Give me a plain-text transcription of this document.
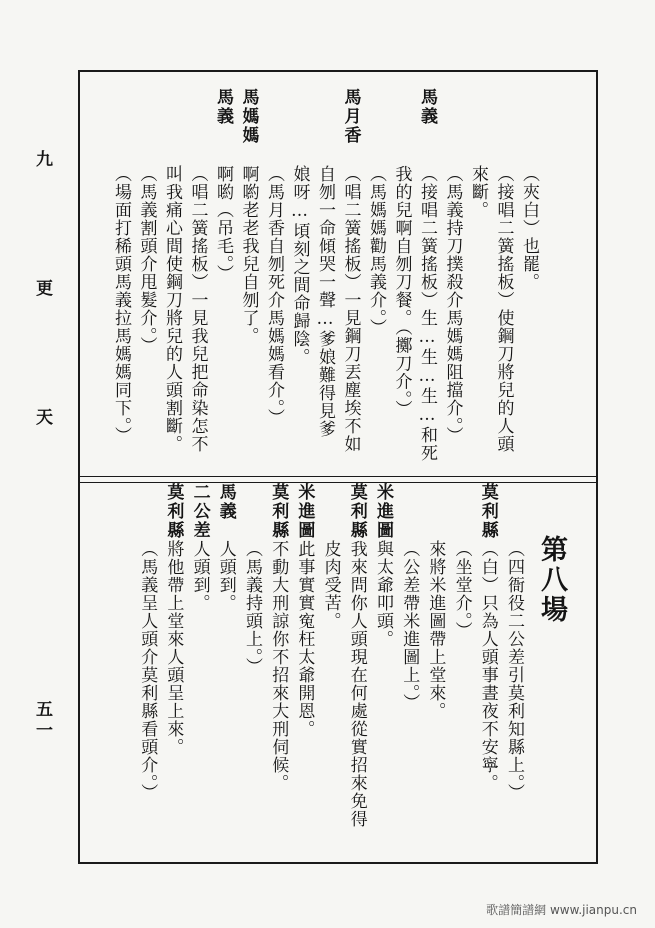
九 更 天
五一
（夾白）也罷。
（接唱二簧搖板）使鋼刀將兒的人頭
來斷。
（馬義持刀撲殺介馬媽媽阻擋介。）
馬義
（接唱二簧搖板）生…生…生…和死
我的兒啊自刎刀餐。（擲刀介。）
（馬媽媽勸馬義介。）
馬月香
（唱二簧搖板）一見鋼刀丟塵埃不如
自刎一命傾哭一聲…爹娘難得見爹
娘呀…頃刻之間命歸陰。
（馬月香自刎死介馬媽媽看介。）
馬媽媽
啊喲老老我兒自刎了。
馬義
啊喲（吊毛。）
（唱二簧搖板）一見我兒把命染怎不
叫我痛心間使鋼刀將兒的人頭割斷。
（馬義割頭介甩髮介。）
（場面打稀頭馬義拉馬媽媽同下。）
第八場
（四衙役二公差引莫利知縣上。）
莫利縣
（白）只為人頭事晝夜不安寧。
（坐堂介。）
來將米進圖帶上堂來。
（公差帶米進圖上。）
米進圖
與太爺叩頭。
莫利縣
我來問你人頭現在何處從實招來免得
皮肉受苦。
米進圖
此事實實寃枉太爺開恩。
莫利縣
不動大刑諒你不招來大刑伺候。
（馬義持頭上。）
馬義
人頭到。
二公差
人頭到。
莫利縣
將他帶上堂來人頭呈上來。
（馬義呈人頭介莫利縣看頭介。）
歌譜簡譜網 www.jianpu.cn
